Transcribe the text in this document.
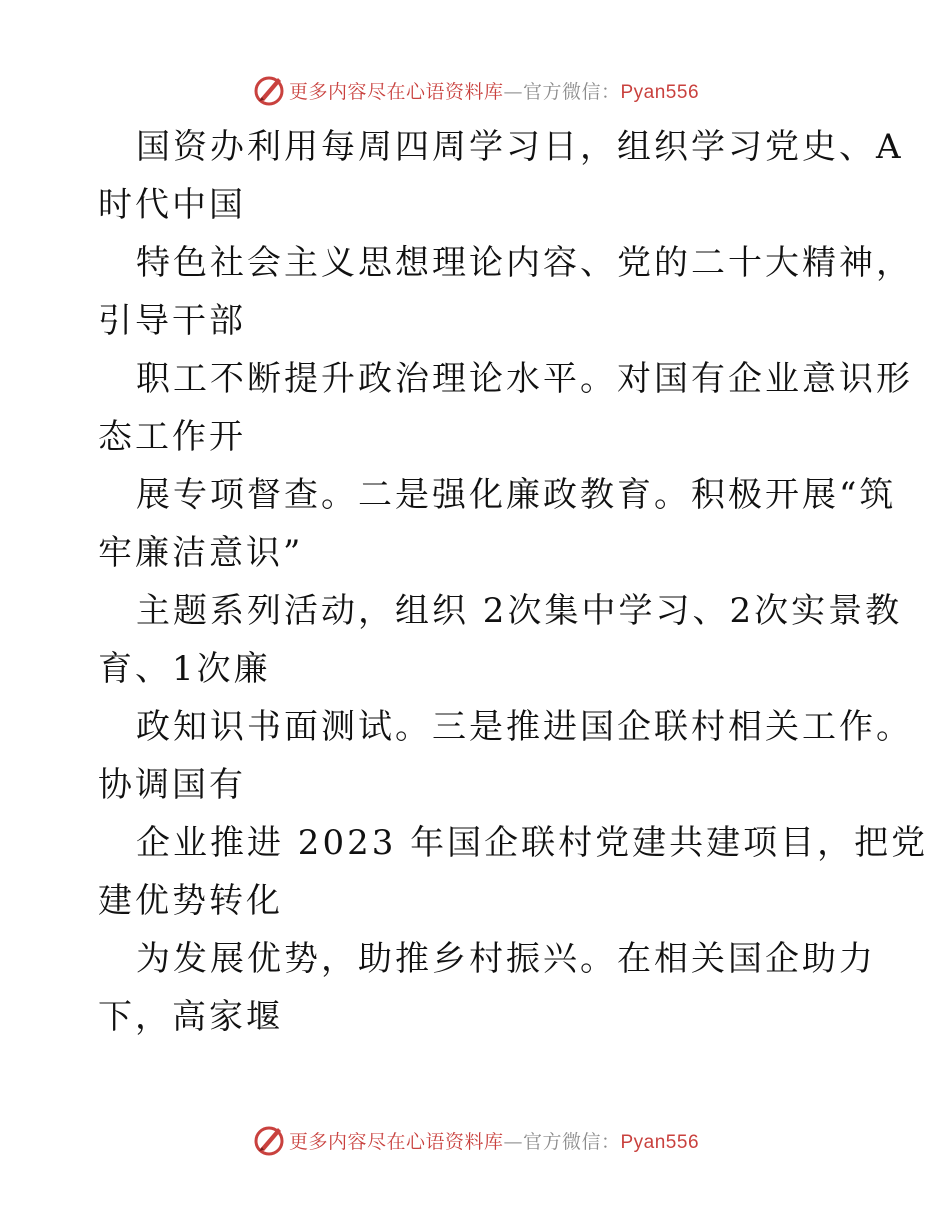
更多内容尽在心语资料库—官方微信：Pyan556
国资办利用每周四周学习日，组织学习党史、A
时代中国
特色社会主义思想理论内容、党的二十大精神，
引导干部
职工不断提升政治理论水平。对国有企业意识形
态工作开
展专项督查。二是强化廉政教育。积极开展“筑
牢廉洁意识”
主题系列活动，组织 2次集中学习、2次实景教
育、1次廉
政知识书面测试。三是推进国企联村相关工作。
协调国有
企业推进 2023 年国企联村党建共建项目，把党
建优势转化
为发展优势，助推乡村振兴。在相关国企助力
下，高家堰
更多内容尽在心语资料库—官方微信：Pyan556
